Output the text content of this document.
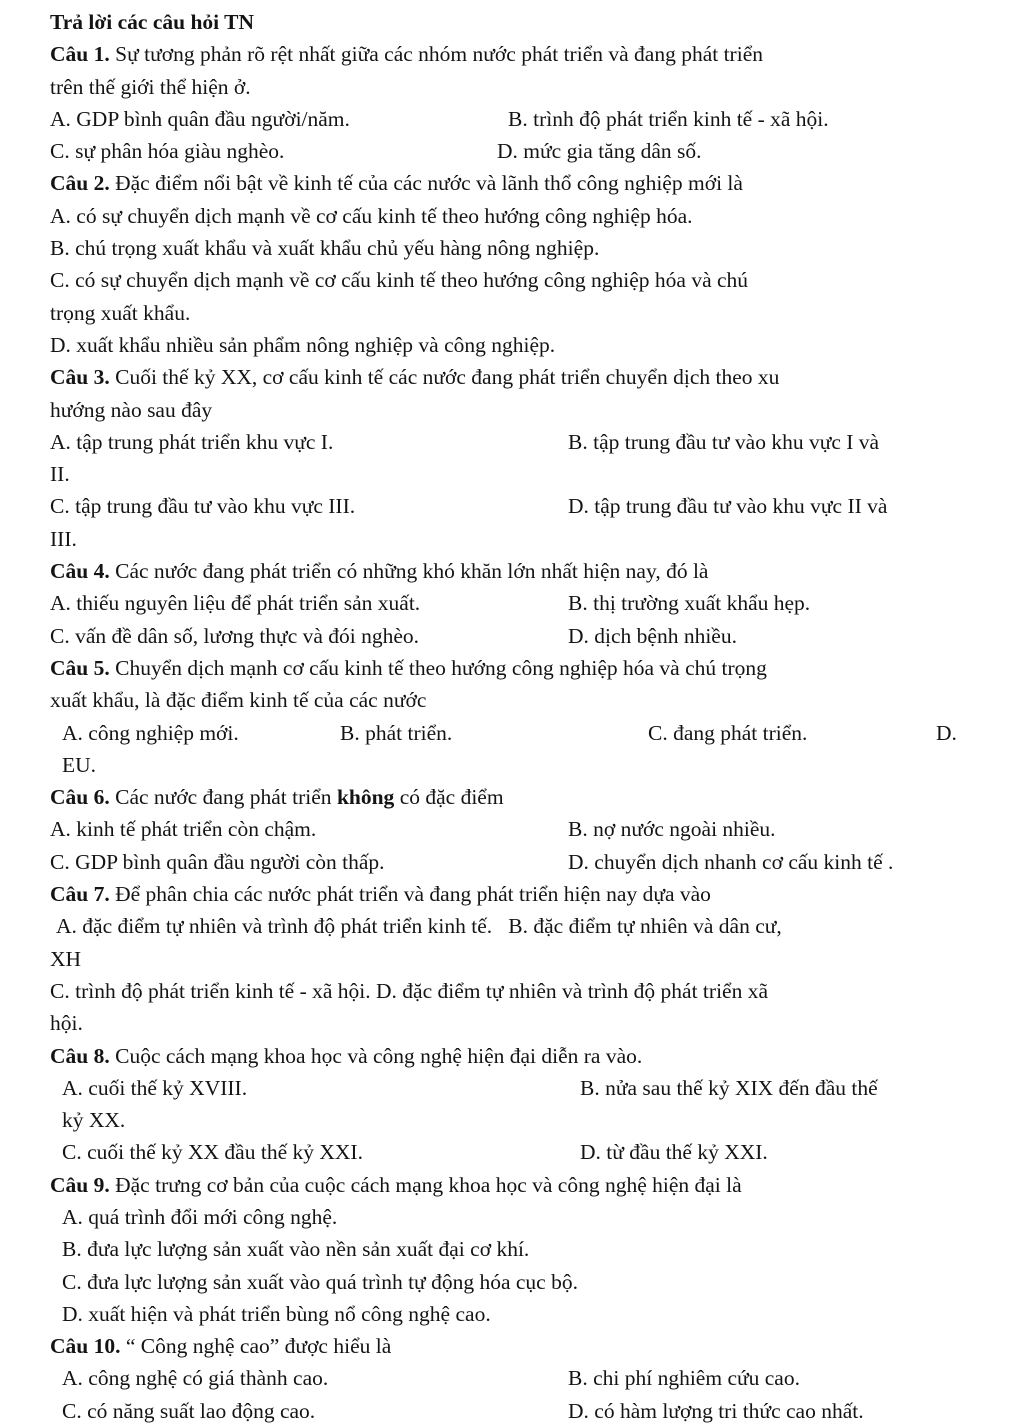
Trả lời các câu hỏi TN
Câu 1. Sự tương phản rõ rệt nhất giữa các nhóm nước phát triển và đang phát triển
trên thế giới thể hiện ở.
A. GDP bình quân đầu người/năm.	B. trình độ phát triển kinh tế - xã hội.
C. sự phân hóa giàu nghèo.	D. mức gia tăng dân số.
Câu 2. Đặc điểm nổi bật về kinh tế của các nước và lãnh thổ công nghiệp mới là
A. có sự chuyển dịch mạnh về cơ cấu kinh tế theo hướng công nghiệp hóa.
B. chú trọng xuất khẩu và xuất khẩu chủ yếu hàng nông nghiệp.
C. có sự chuyển dịch mạnh về cơ cấu kinh tế theo hướng công nghiệp hóa và chú
trọng xuất khẩu.
D. xuất khẩu nhiều sản phẩm nông nghiệp và công nghiệp.
Câu 3. Cuối thế kỷ XX, cơ cấu kinh tế các nước đang phát triển chuyển dịch theo xu
hướng nào sau đây
A. tập trung phát triển khu vực I.	B. tập trung đầu tư vào khu vực I và
II.
C. tập trung đầu tư vào khu vực III.	D. tập trung đầu tư vào khu vực II và
III.
Câu 4. Các nước đang phát triển có những khó khăn lớn nhất hiện nay, đó là
A. thiếu nguyên liệu để phát triển sản xuất.	B. thị trường xuất khẩu hẹp.
C. vấn đề dân số, lương thực và đói nghèo.	D. dịch bệnh nhiều.
Câu 5. Chuyển dịch mạnh cơ cấu kinh tế theo hướng công nghiệp hóa và chú trọng
xuất khẩu, là đặc điểm kinh tế của các nước
A. công nghiệp mới.	B. phát triển.	C. đang phát triển.	D.
EU.
Câu 6. Các nước đang phát triển không có đặc điểm
A. kinh tế phát triển còn chậm.	B. nợ nước ngoài nhiều.
C. GDP bình quân đầu người còn thấp.	D. chuyển dịch nhanh cơ cấu kinh tế .
Câu 7. Để phân chia các nước phát triển và đang phát triển hiện nay dựa vào
A. đặc điểm tự nhiên và trình độ phát triển kinh tế.   B. đặc điểm tự nhiên và dân cư,
XH
C. trình độ phát triển kinh tế - xã hội. D. đặc điểm tự nhiên và trình độ phát triển xã
hội.
Câu 8. Cuộc cách mạng khoa học và công nghệ hiện đại diễn ra vào.
A. cuối thế kỷ XVIII.	B. nửa sau thế kỷ XIX đến đầu thế
kỷ XX.
C. cuối thế kỷ XX đầu thế kỷ XXI.	D. từ đầu thế kỷ XXI.
Câu 9. Đặc trưng cơ bản của cuộc cách mạng khoa học và công nghệ hiện đại là
A. quá trình đổi mới công nghệ.
B. đưa lực lượng sản xuất vào nền sản xuất đại cơ khí.
C. đưa lực lượng sản xuất vào quá trình tự động hóa cục bộ.
D. xuất hiện và phát triển bùng nổ công nghệ cao.
Câu 10. “ Công nghệ cao” được hiểu là
A. công nghệ có giá thành cao.	B. chi phí nghiêm cứu cao.
C. có năng suất lao động cao.	D. có hàm lượng tri thức cao nhất.
